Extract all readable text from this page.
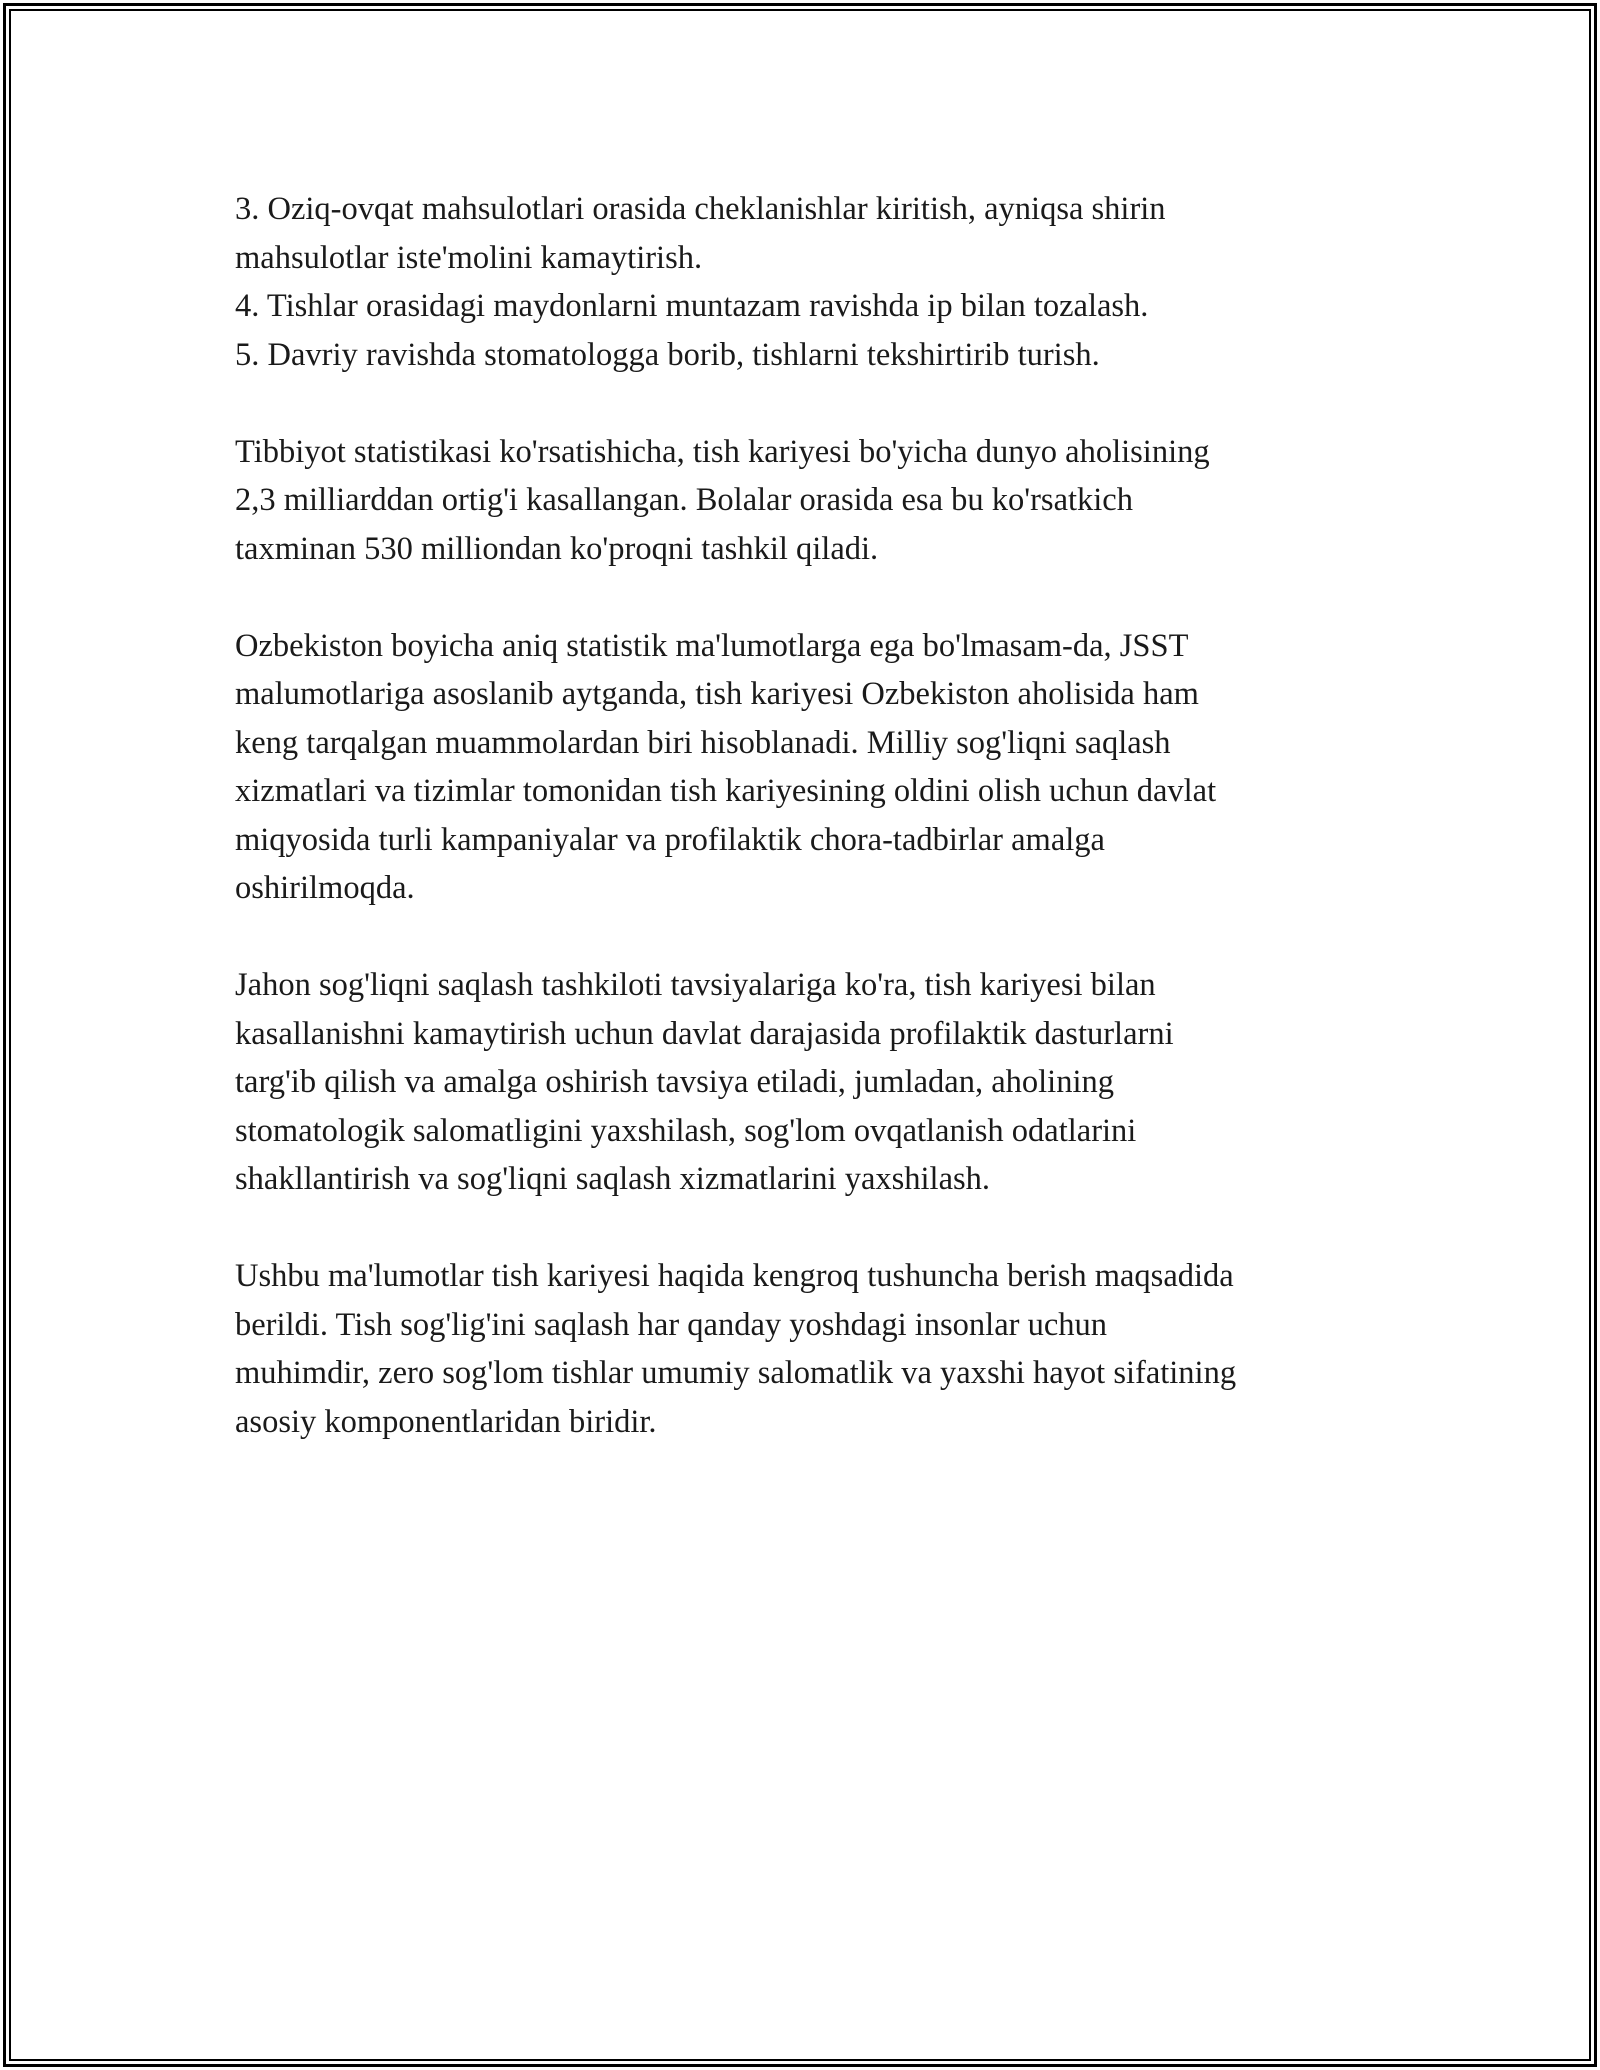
3. Oziq-ovqat mahsulotlari orasida cheklanishlar kiritish, ayniqsa shirin

mahsulotlar iste'molini kamaytirish.

4. Tishlar orasidagi maydonlarni muntazam ravishda ip bilan tozalash.

5. Davriy ravishda stomatologga borib, tishlarni tekshirtirib turish.

Tibbiyot statistikasi ko'rsatishicha, tish kariyesi bo'yicha dunyo aholisining

2,3 milliarddan ortig'i kasallangan. Bolalar orasida esa bu ko'rsatkich

taxminan 530 milliondan ko'proqni tashkil qiladi.

Ozbekiston boyicha aniq statistik ma'lumotlarga ega bo'lmasam-da, JSST

malumotlariga asoslanib aytganda, tish kariyesi Ozbekiston aholisida ham

keng tarqalgan muammolardan biri hisoblanadi. Milliy sog'liqni saqlash

xizmatlari va tizimlar tomonidan tish kariyesining oldini olish uchun davlat

miqyosida turli kampaniyalar va profilaktik chora-tadbirlar amalga

oshirilmoqda.

Jahon sog'liqni saqlash tashkiloti tavsiyalariga ko'ra, tish kariyesi bilan

kasallanishni kamaytirish uchun davlat darajasida profilaktik dasturlarni

targ'ib qilish va amalga oshirish tavsiya etiladi, jumladan, aholining

stomatologik salomatligini yaxshilash, sog'lom ovqatlanish odatlarini

shakllantirish va sog'liqni saqlash xizmatlarini yaxshilash.

Ushbu ma'lumotlar tish kariyesi haqida kengroq tushuncha berish maqsadida

berildi. Tish sog'lig'ini saqlash har qanday yoshdagi insonlar uchun

muhimdir, zero sog'lom tishlar umumiy salomatlik va yaxshi hayot sifatining

asosiy komponentlaridan biridir.
